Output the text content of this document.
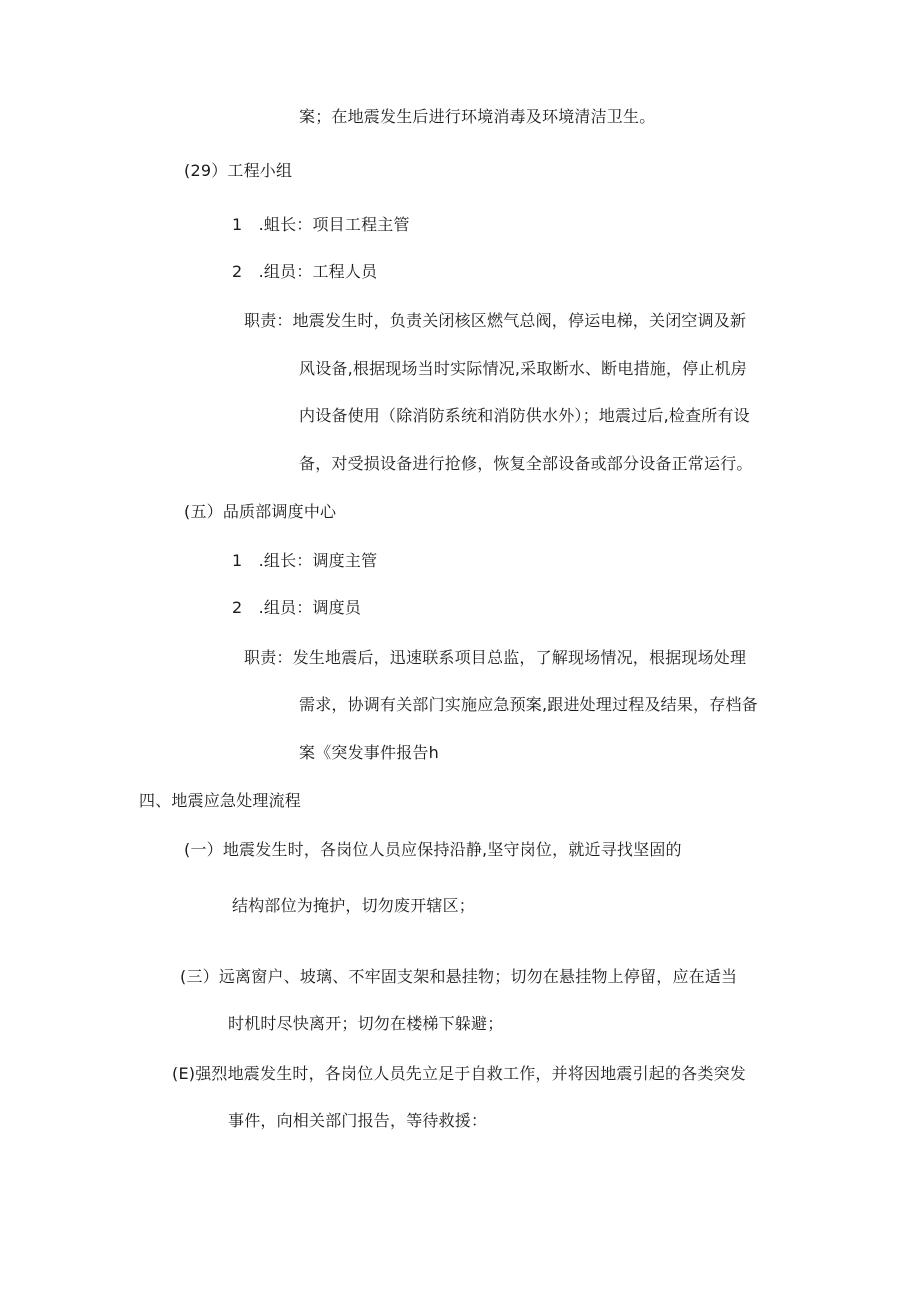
案；在地震发生后进行环境消毒及环境清洁卫生。
(29）工程小组
1　.蛆长：项目工程主管
2　.组员：工程人员
职责：地震发生时，负责关闭核区燃气总阀，停运电梯，关闭空调及新
风设备,根据现场当时实际情况,采取断水、断电措施，停止机房
内设备使用（除消防系统和消防供水外）；地震过后,检查所有设
备，对受损设备进行抢修，恢复全部设备或部分设备正常运行。
(五）品质部调度中心
1　.组长：调度主管
2　.组员：调度员
职责：发生地震后，迅速联系项目总监，了解现场情况，根据现场处理
需求，协调有关部门实施应急预案,跟进处理过程及结果，存档备
案《突发事件报告h
四、地震应急处理流程
(一）地震发生时，各岗位人员应保持沿静,坚守岗位，就近寻找坚固的
结构部位为掩护，切勿废开辖区；
(三）远离窗户、坡璃、不牢固支架和悬挂物；切勿在悬挂物上停留，应在适当
时机时尽快离开；切勿在楼梯下躲避；
(E)强烈地震发生时，各岗位人员先立足于自救工作，并将因地震引起的各类突发
事件，向相关部门报告，等待救援：
